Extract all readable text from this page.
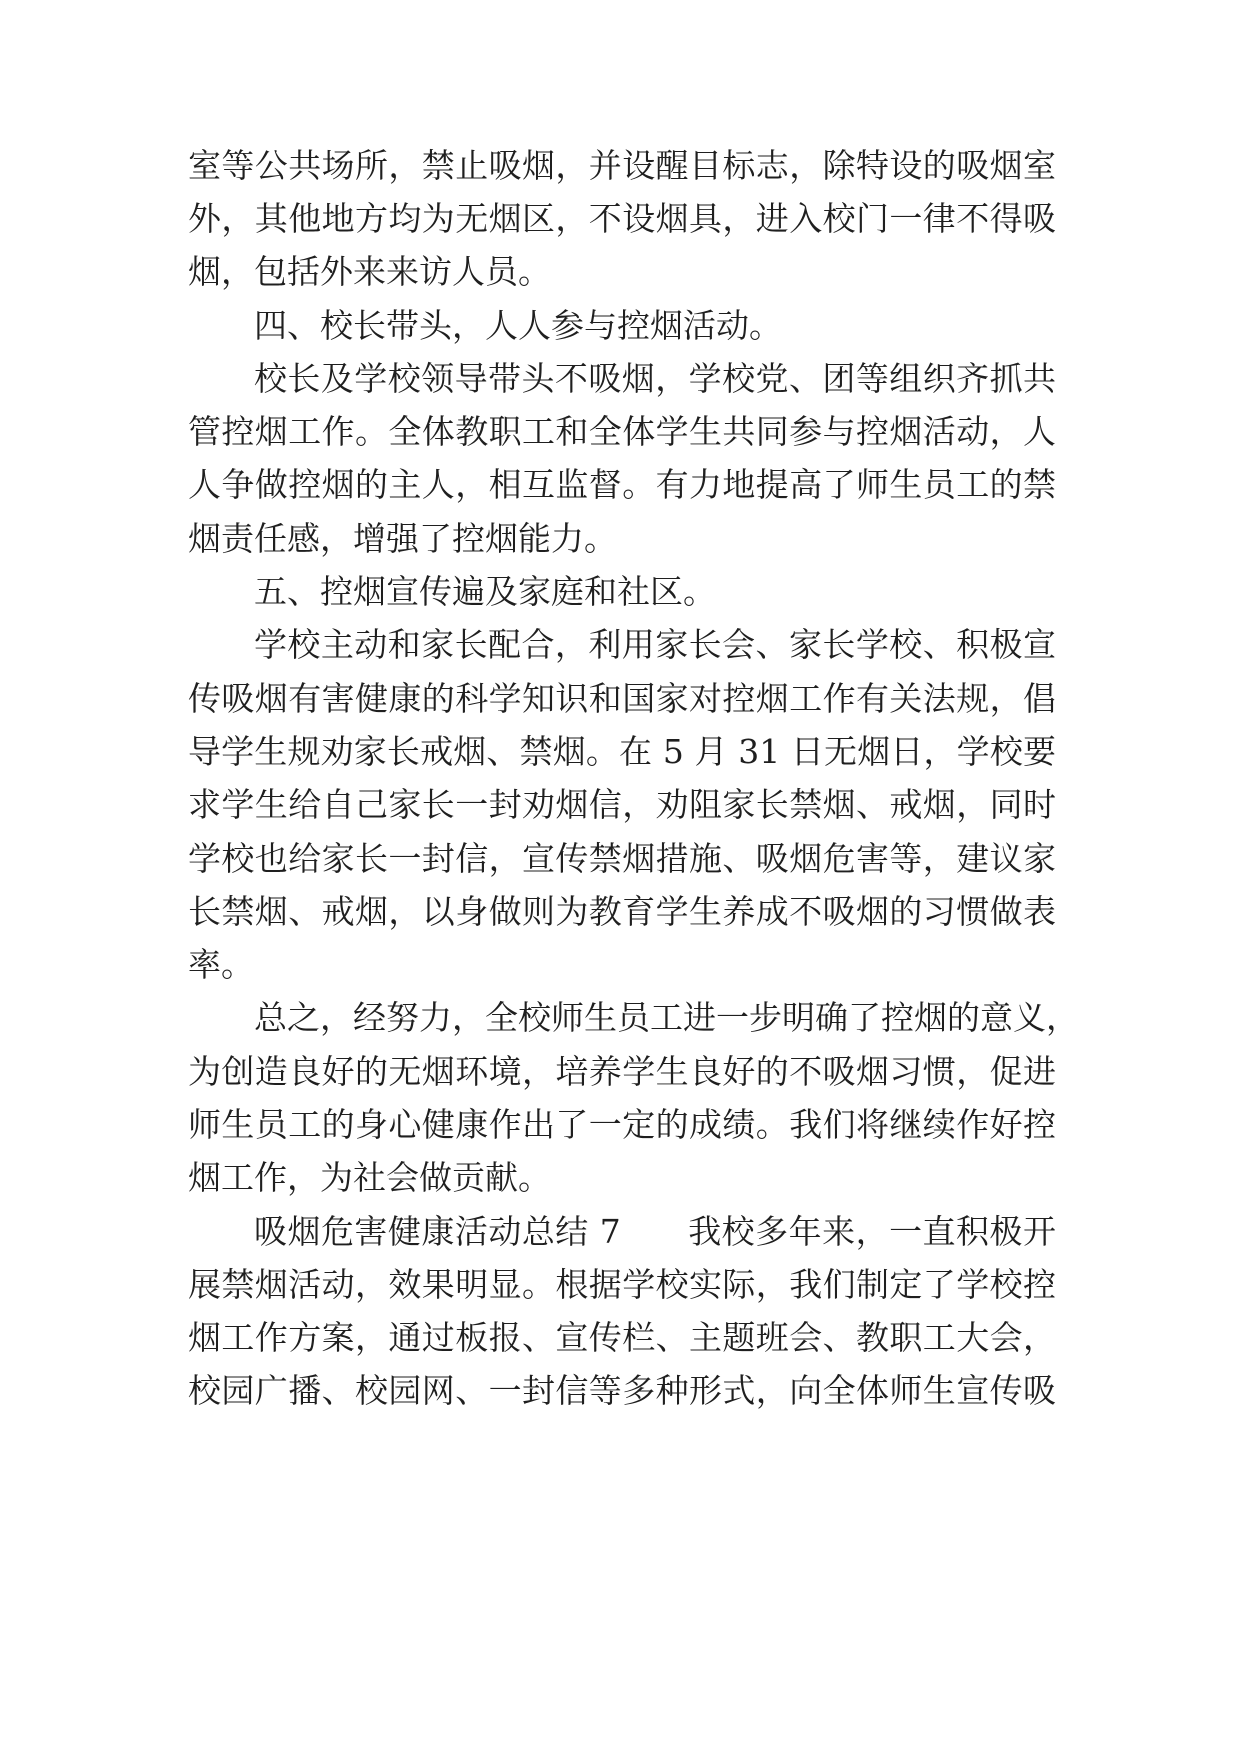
室等公共场所，禁止吸烟，并设醒目标志，除特设的吸烟室

外，其他地方均为无烟区，不设烟具，进入校门一律不得吸

烟，包括外来来访人员。

四、校长带头，人人参与控烟活动。

校长及学校领导带头不吸烟，学校党、团等组织齐抓共

管控烟工作。全体教职工和全体学生共同参与控烟活动，人

人争做控烟的主人，相互监督。有力地提高了师生员工的禁

烟责任感，增强了控烟能力。

五、控烟宣传遍及家庭和社区。

学校主动和家长配合，利用家长会、家长学校、积极宣

传吸烟有害健康的科学知识和国家对控烟工作有关法规，倡

导学生规劝家长戒烟、禁烟。在 5 月 31 日无烟日，学校要

求学生给自己家长一封劝烟信，劝阻家长禁烟、戒烟，同时

学校也给家长一封信，宣传禁烟措施、吸烟危害等，建议家

长禁烟、戒烟，以身做则为教育学生养成不吸烟的习惯做表

率。

总之，经努力，全校师生员工进一步明确了控烟的意义，

为创造良好的无烟环境，培养学生良好的不吸烟习惯，促进

师生员工的身心健康作出了一定的成绩。我们将继续作好控

烟工作，为社会做贡献。

吸烟危害健康活动总结 7　　我校多年来，一直积极开

展禁烟活动，效果明显。根据学校实际，我们制定了学校控

烟工作方案，通过板报、宣传栏、主题班会、教职工大会，

校园广播、校园网、一封信等多种形式，向全体师生宣传吸
